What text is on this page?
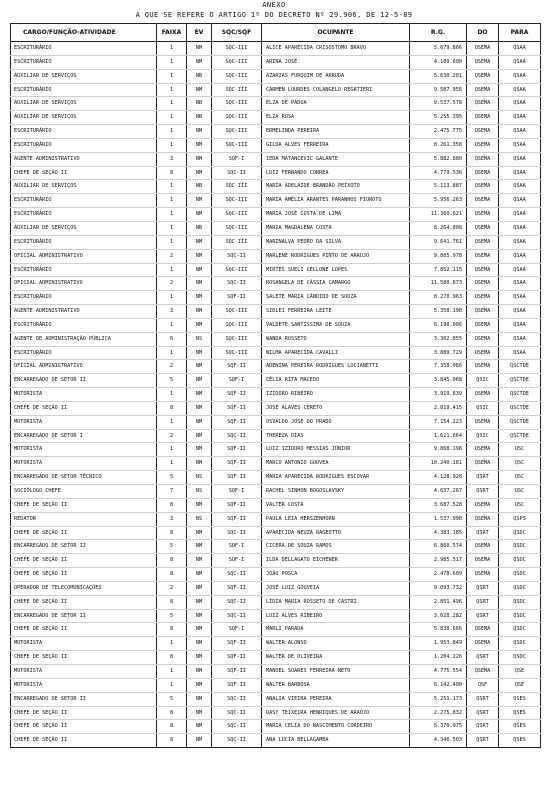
ANEXO
A QUE SE REFERE O ARTIGO 1º DO DECRETO Nº 29.906, DE 12-5-89
CARGO/FUNÇÃO-ATIVIDADE	FAIXA	EV	SQC/SQF	OCUPANTE	R.G.	DO	PARA
ESCRITURÁRIO	1	NM	SQC-III	ALICE APARECIDA CRISOSTOMO BRAVO	5.679.866	QSEMA	QSAA
ESCRITURÁRIO	1	NM	SQC-III	ARINA JOSÉ	4.189.600	QSEMA	QSAA
AUXILIAR DE SERVIÇOS	1	NB	SQC-III	AZARIAS FURQUIM DE ARRUDA	5.630.201	QSEMA	QSAA
ESCRITURÁRIO	1	NM	SQC-III	CARMEN LOURDES COLANGELO REGATIERI	9.507.956	QSEMA	QSAA
AUXILIAR DE SERVIÇOS	1	NB	SQC-III	ELZA DE PÁDUA	9.537.578	QSEMA	QSAA
AUXILIAR DE SERVIÇOS	1	NB	SQC-III	ELZA ROSA	5.255.395	QSEMA	QSAA
ESCRITURÁRIO	1	NM	SQC-III	ERMELINDA PEREIRA	2.475.775	QSEMA	QSAA
ESCRITURÁRIO	1	NM	SQC-III	GILDA ALVES FERREIRA	8.261.358	QSEMA	QSAA
AGENTE ADMINISTRATIVO	3	NM	SQF-I	IEDA MATANCEVIC GALANTE	5.882.880	QSEMA	QSAA
CHEFE DE SEÇÃO II	8	NM	SQC-II	LUIZ FERNANDO CORREA	4.779.536	QSEMA	QSAA
AUXILIAR DE SERVIÇOS	1	NB	SQC-III	MARIA ADELAIDE BRANDÃO PEIXOTO	5.113.887	QSEMA	QSAA
ESCRITURÁRIO	1	NM	SQC-III	MARIA AMÉLIA ARANTES PARANHOS FIOROTO	5.956.263	QSEMA	QSAA
ESCRITURÁRIO	1	NM	SQC-III	MARIA JOSÉ COSTA DE LIMA	11.360.621	QSEMA	QSAA
AUXILIAR DE SERVIÇOS	1	NB	SQC-III	MARIA MAGDALENA COSTA	8.264.808	QSEMA	QSAA
ESCRITURÁRIO	1	NM	SQC-III	MARINALVA PEDRO DA SILVA	9.641.761	QSEMA	QSAA
OFICIAL ADMINISTRATIVO	2	NM	SQC-II	MARLENE RODRIGUES PINTO DE ARAÚJO	9.805.978	QSEMA	QSAA
ESCRITURÁRIO	1	NM	SQC-III	MIRTES SUELI CELLONE LOPES	7.852.115	QSEMA	QSAA
OFICIAL ADMINISTRATIVO	2	NM	SQC-II	ROSANGELA DE CÁSSIA CAMARGO	11.580.673	QSEMA	QSAA
ESCRITURÁRIO	1	NM	SQF-II	SALETE MARIA CÂNDIDO DE SOUZA	8.270.963	QSEMA	QSAA
AGENTE ADMINISTRATIVO	3	NM	SQC-III	SIDLEI FERREIRA LEITE	5.358.190	QSEMA	QSAA
ESCRITURÁRIO	1	NM	SQC-III	VALDETE SANTISSIMA DE SOUZA	6.190.006	QSEMA	QSAA
AGENTE DE ADMINISTRAÇÃO PÚBLICA	6	NS	SQC-III	WANDA ROSSETO	3.362.855	QSEMA	QSAA
ESCRITURÁRIO	1	NM	SQC-III	WILMA APARECIDA CAVALLI	3.889.729	QSEMA	QSAA
OFICIAL ADMINISTRATIVO	2	NM	SQF-II	ADENINA PEREIRA RODRIGUES LUCIANETTI	7.358.066	QSEMA	QSCTDE
ENCARREGADO DE SETOR II	5	NM	SQF-I	CÉLIA RITA MACEDO	3.845.068	QSIC	QSCTDE
MOTORISTA	1	NM	SQF-II	IZIDORO RIBEIRO	3.919.639	QSEMA	QSCTDE
CHEFE DE SEÇÃO II	8	NM	SQF-II	JOSÉ ALAVES CERETO	2.819.415	QSIC	QSCTDE
MOTORISTA	1	NM	SQF-II	OSVALDO JOSÉ DO PRADO	7.154.223	QSEMA	QSCTDE
ENCARREGADO DE SETOR I	2	NM	SQC-II	THEREZA DIAS	1.621.664	QSIC	QSCTDE
MOTORISTA	1	NM	SQF-II	LUIZ IZIDORO MESSIAS JÚNIOR	9.868.198	QSEMA	QSC
MOTORISTA	1	NM	SQF-II	MARCO ANTONIO GOUVEA	10.240.181	QSEMA	QSC
ENCARREGADO DE SETOR TÉCNICO	5	NS	SQF-II	MARIA APARECIDA RODRIGUES ESCOVAR	4.128.928	QSRT	QSC
SOCIÓLOGO CHEFE	7	NS	SQF-I	RACHEL SINHON BOGOSLAVSKY	4.637.267	QSRT	QSC
CHEFE DE SEÇÃO II	8	NM	SQF-II	VALTER COSTA	3.687.528	QSEMA	QSC
REDATOR	3	NS	SQF-II	PAULA LEIA HERSZENHORN	1.537.990	QSEMA	QSPS
CHEFE DE SEÇÃO II	8	NM	SQC-II	APARECIDA NEUZA RAGEOTTO	4.383.185	QSRT	QSDC
ENCARREGADO DE SETOR II	5	NM	SQF-I	CICERA DE SOUZA RAMOS	6.860.574	QSEMA	QSDC
CHEFE DE SEÇÃO II	8	NM	SQF-I	ILDA DELLAGATO EICHENER	2.985.517	QSEMA	QSDC
CHEFE DE SEÇÃO II	8	NM	SQC-II	JOÃO POSCA	2.478.609	QSEMA	QSDC
OPERADOR DE TELECOMUNICAÇÕES	2	NM	SQF-II	JOSÉ LUIZ GOUVEIA	9.093.732	QSRT	QSDC
CHEFE DE SEÇÃO II	8	NM	SQC-II	LÍDIA MARIA ROSSETO DE CASTRI	2.851.496	QSRT	QSDC
ENCARREGADO DE SETOR II	5	NM	SQC-II	LUIZ ALVES RIBEIRO	3.028.282	QSRT	QSDC
CHEFE DE SEÇÃO II	8	NM	SQF-I	MARLI PARADA	5.838.666	QSEMA	QSDC
MOTORISTA	1	NM	SQF-II	WALTER ALONSO	1.953.849	QSEMA	QSDC
CHEFE DE SEÇÃO II	8	NM	SQF-II	WALTER DE OLIVEIRA	1.204.226	QSRT	QSDC
MOTORISTA	1	NM	SQF-II	MANOEL SOARES FERREIRA NETO	4.775.554	QSEMA	QSE
MOTORISTA	1	NM	SQF-II	WALTER BARBOSA	6.142.400	QSF	QSE
ENCARREGADO DE SETOR II	5	NM	SQC-II	ANALIA VIEIRA PEREIRA	5.251.173	QSRT	QSES
CHEFE DE SEÇÃO II	8	NM	SQC-II	DASY TEIXEIRA HENRIQUES DE ARAÚJO	2.275.832	QSRT	QSES
CHEFE DE SEÇÃO II	8	NM	SQC-II	MARIA CELIA DO NASCIMENTO CORDEIRO	5.370.075	QSRT	QSES
CHEFE DE SEÇÃO II	8	NM	SQC-II	ANA LUCIA BELLAGAMBA	4.346.503	QSRT	QSES
